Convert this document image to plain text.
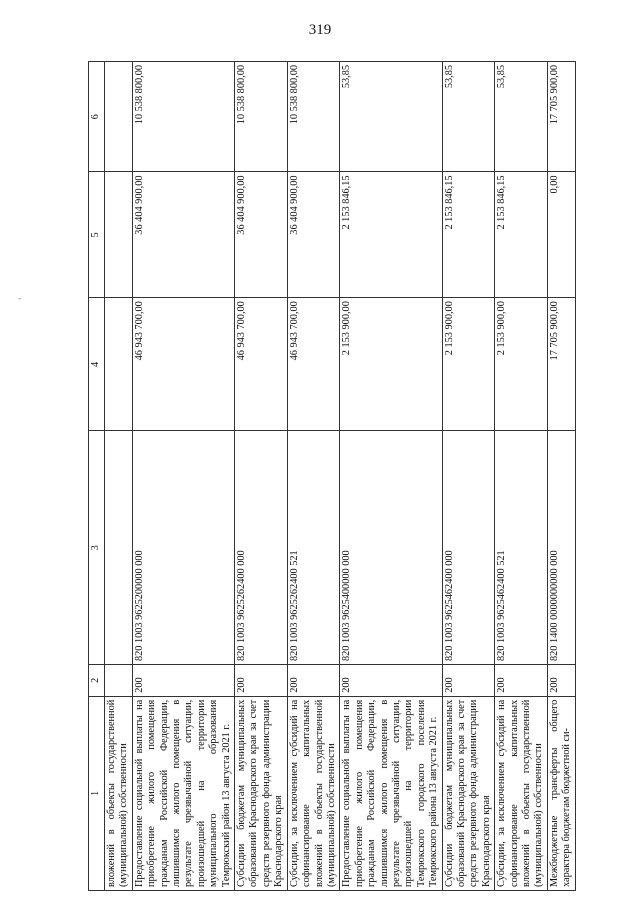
319
-
1	2	3	4	5	6
вложений в объекты государственной (муниципальной) собственности					
Предоставление социальной выплаты на приобретение жилого помещения гражданам Российской Федерации, лишившимся жилого помещения в результате чрезвычайной ситуации, произошедшей на территории муниципального образования Темрюкский район 13 августа 2021 г.	200	820 1003 9625200000 000	46 943 700,00	36 404 900,00	10 538 800,00
Субсидии бюджетам муниципальных образований Краснодарского края за счет средств резервного фонда администрации Краснодарского края	200	820 1003 9625262400 000	46 943 700,00	36 404 900,00	10 538 800,00
Субсидии, за исключением субсидий на софинансирование капитальных вложений в объекты государственной (муниципальной) собственности	200	820 1003 9625262400 521	46 943 700,00	36 404 900,00	10 538 800,00
Предоставление социальной выплаты на приобретение жилого помещения гражданам Российской Федерации, лишившимся жилого помещения в результате чрезвычайной ситуации, произошедшей на территории Темрюкского городского поселения Темрюкского района 13 августа 2021 г.	200	820 1003 9625400000 000	2 153 900,00	2 153 846,15	53,85
Субсидии бюджетам муниципальных образований Краснодарского края за счет средств резервного фонда администрации Краснодарского края	200	820 1003 9625462400 000	2 153 900,00	2 153 846,15	53,85
Субсидии, за исключением субсидий на софинансирование капитальных вложений в объекты государственной (муниципальной) собственности	200	820 1003 9625462400 521	2 153 900,00	2 153 846,15	53,85
Межбюджетные трансферты общего характера бюджетам бюджетной си-	200	820 1400 0000000000 000	17 705 900,00	0,00	17 705 900,00
